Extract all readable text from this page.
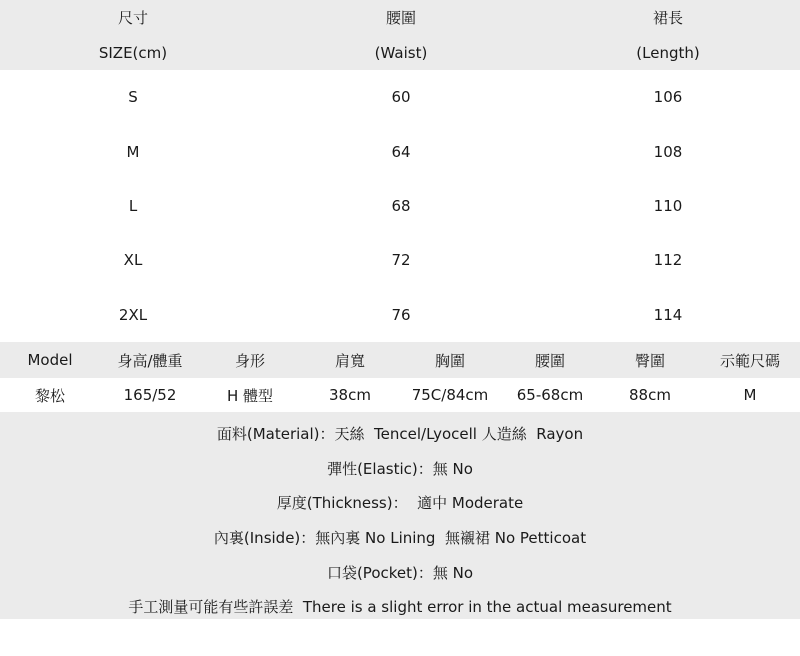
尺寸	腰圍	裙長
SIZE(cm)	(Waist)	(Length)
S	60	106
M	64	108
L	68	110
XL	72	112
2XL	76	114
Model	身高/體重	身形	肩寬	胸圍	腰圍	臀圍	示範尺碼
黎松	165/52	H 體型	38cm	75C/84cm	65-68cm	88cm	M
面料(Material)：天絲  Tencel/Lyocell 人造絲  Rayon
彈性(Elastic)：無 No
厚度(Thickness)：  適中 Moderate
內裏(Inside)：無內裏 No Lining  無襯裙 No Petticoat
口袋(Pocket)：無 No
手工測量可能有些許誤差  There is a slight error in the actual measurement
